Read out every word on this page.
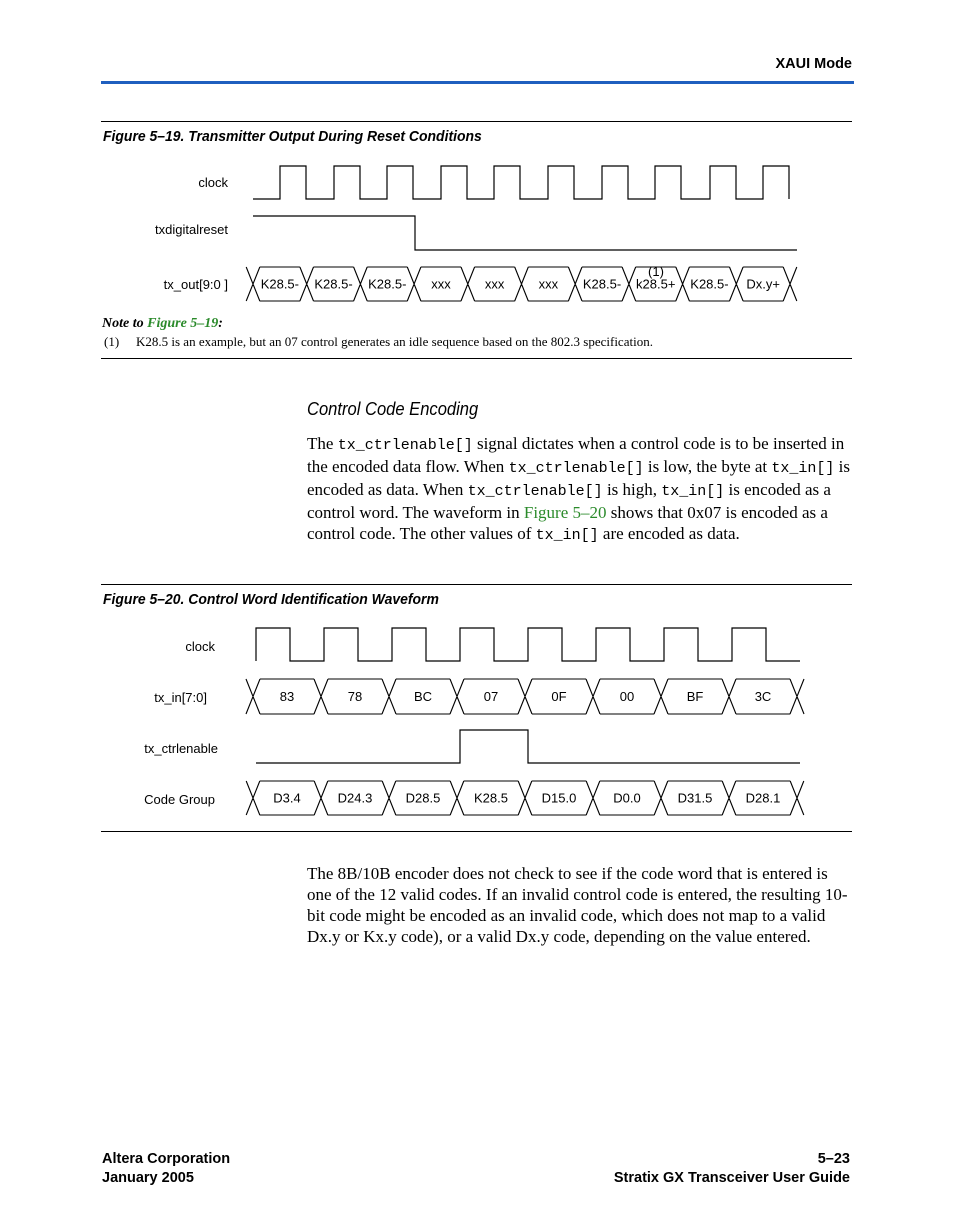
XAUI Mode
Figure 5–19. Transmitter Output During Reset Conditions
clock
txdigitalreset
tx_out[9:0 ]	K28.5- K28.5- K28.5- xxx	xxx	xxx K28.5- k28.5+ K28.5- Dx.y+
(1)
Note to Figure 5–19:
(1) K28.5 is an example, but an 07 control generates an idle sequence based on the 802.3 specification.
Control Code Encoding
The tx_ctrlenable[] signal dictates when a control code is to be inserted in the encoded data flow. When tx_ctrlenable[] is low, the byte at tx_in[] is encoded as data. When tx_ctrlenable[] is high, tx_in[] is encoded as a control word. The waveform in Figure 5–20 shows that 0x07 is encoded as a control code. The other values of tx_in[] are encoded as data.
Figure 5–20. Control Word Identification Waveform
clock
tx_in[7:0]
tx_ctrlenable
Code Group
83	78	BC	07	0F	00	BF	3C
D3.4	D24.3	D28.5	K28.5	D15.0	D0.0	D31.5	D28.1
The 8B/10B encoder does not check to see if the code word that is entered is one of the 12 valid codes. If an invalid control code is entered, the resulting 10-bit code might be encoded as an invalid code, which does not map to a valid Dx.y or Kx.y code), or a valid Dx.y code, depending on the value entered.
Altera Corporation
January 2005
5–23
Stratix GX Transceiver User Guide
